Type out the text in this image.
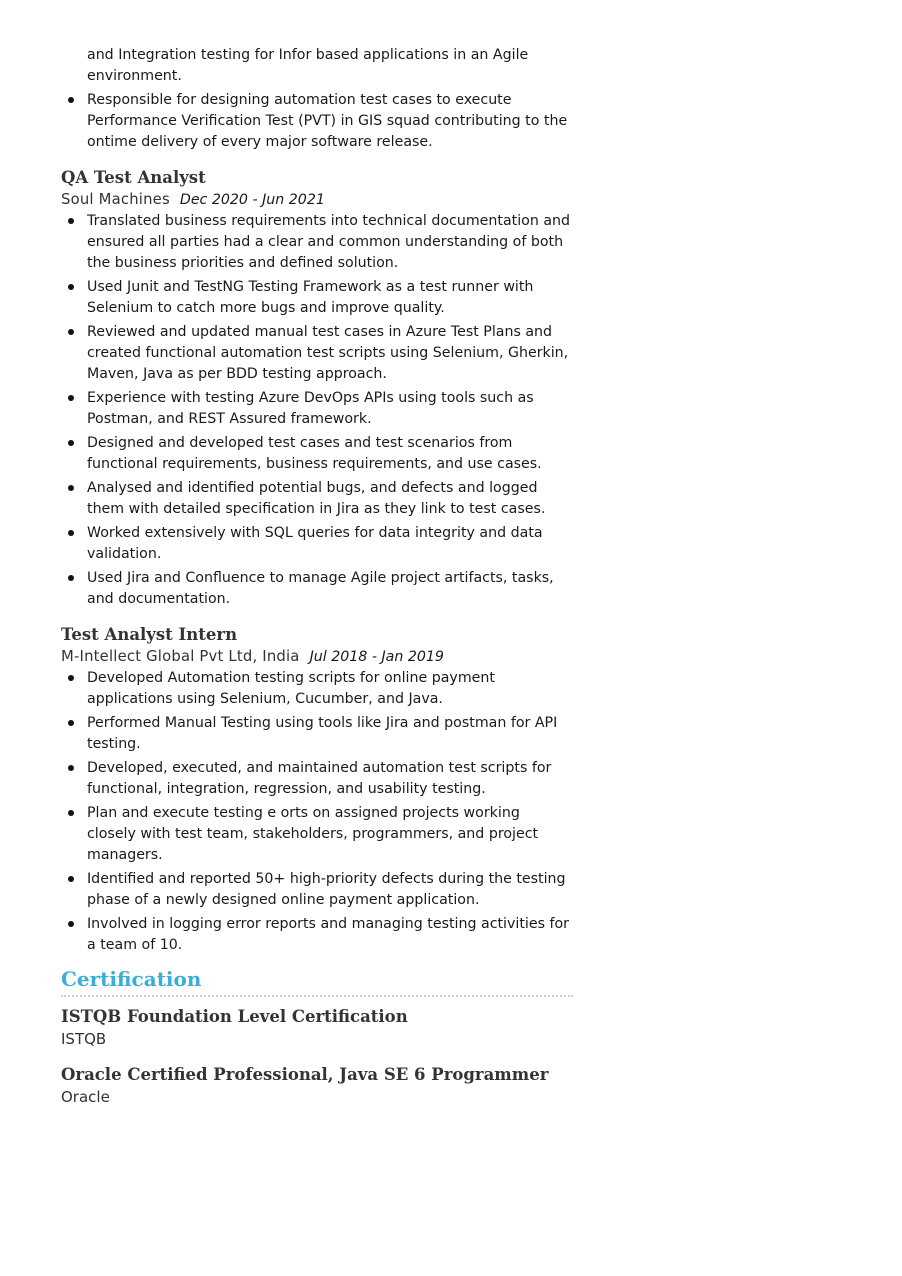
and Integration testing for Infor based applications in an Agile environment.
Responsible for designing automation test cases to execute Performance Verification Test (PVT) in GIS squad contributing to the ontime delivery of every major software release.
QA Test Analyst

Soul Machines Dec 2020 - Jun 2021

Translated business requirements into technical documentation and ensured all parties had a clear and common understanding of both the business priorities and defined solution.
Used Junit and TestNG Testing Framework as a test runner with Selenium to catch more bugs and improve quality.
Reviewed and updated manual test cases in Azure Test Plans and created functional automation test scripts using Selenium, Gherkin, Maven, Java as per BDD testing approach.
Experience with testing Azure DevOps APIs using tools such as Postman, and REST Assured framework.
Designed and developed test cases and test scenarios from functional requirements, business requirements, and use cases.
Analysed and identified potential bugs, and defects and logged them with detailed specification in Jira as they link to test cases.
Worked extensively with SQL queries for data integrity and data validation.
Used Jira and Confluence to manage Agile project artifacts, tasks, and documentation.
Test Analyst Intern

M-Intellect Global Pvt Ltd, India Jul 2018 - Jan 2019

Developed Automation testing scripts for online payment applications using Selenium, Cucumber, and Java.
Performed Manual Testing using tools like Jira and postman for API testing.
Developed, executed, and maintained automation test scripts for functional, integration, regression, and usability testing.
Plan and execute testing e orts on assigned projects working closely with test team, stakeholders, programmers, and project managers.
Identified and reported 50+ high-priority defects during the testing phase of a newly designed online payment application.
Involved in logging error reports and managing testing activities for a team of 10.
Certification

ISTQB Foundation Level Certification

ISTQB

Oracle Certified Professional, Java SE 6 Programmer

Oracle
